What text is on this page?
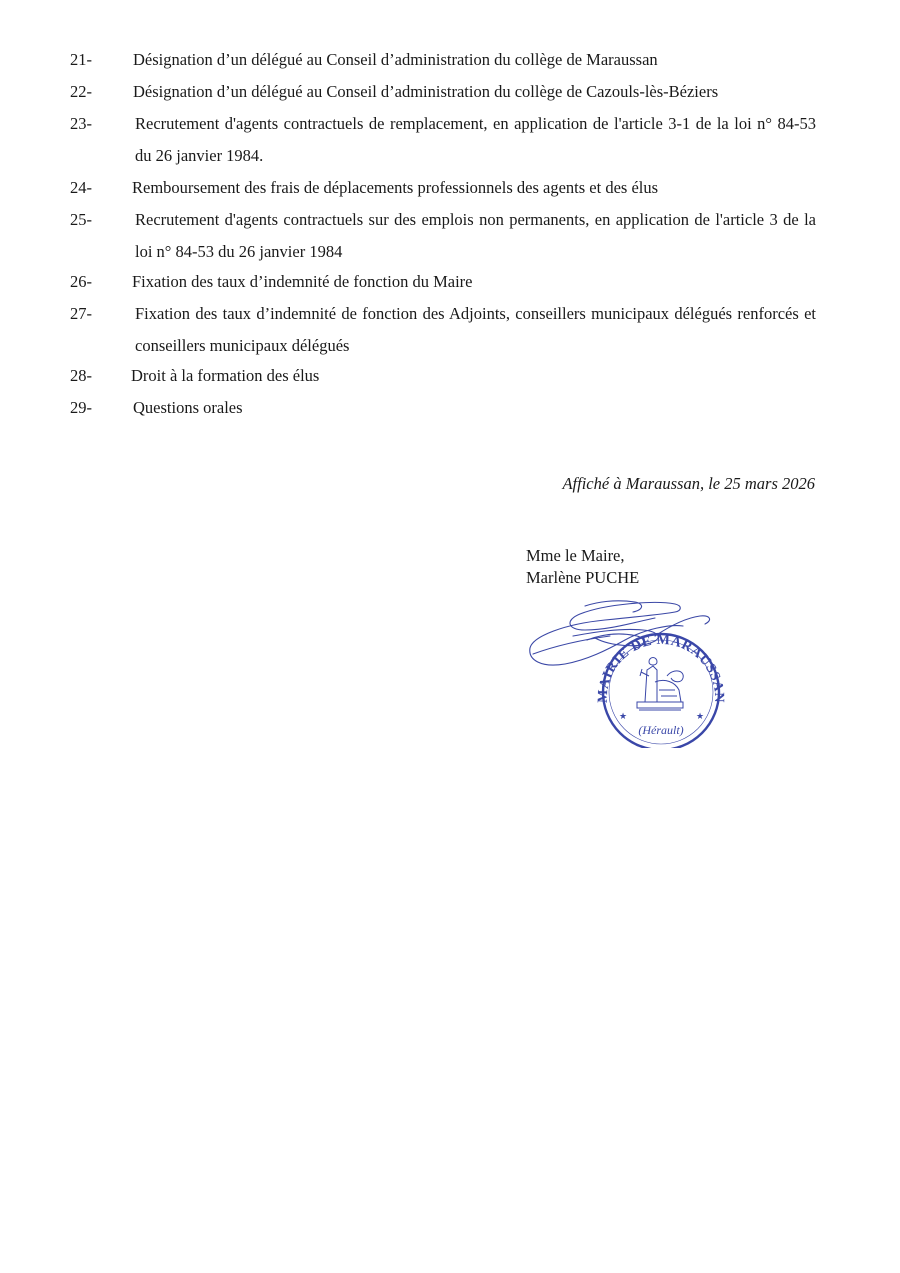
21- Désignation d’un délégué au Conseil d’administration du collège de Maraussan
22- Désignation d’un délégué au Conseil d’administration du collège de Cazouls-lès-Béziers
23-	Recrutement d'agents contractuels de remplacement, en application de l'article 3-1 de la loi n° 84-53 du 26 janvier 1984.
24- Remboursement des frais de déplacements professionnels des agents et des élus
25-	Recrutement d'agents contractuels sur des emplois non permanents, en application de l'article 3 de la loi n° 84-53 du 26 janvier 1984
26- Fixation des taux d’indemnité de fonction du Maire
27-	Fixation des taux d’indemnité de fonction des Adjoints, conseillers municipaux délégués renforcés et conseillers municipaux délégués
28- Droit à la formation des élus
29- Questions orales
Affiché à Maraussan, le 25 mars 2026
Mme le Maire,
Marlène PUCHE
MAIRIE DE MARAUSSAN
(Hérault)
★	★
